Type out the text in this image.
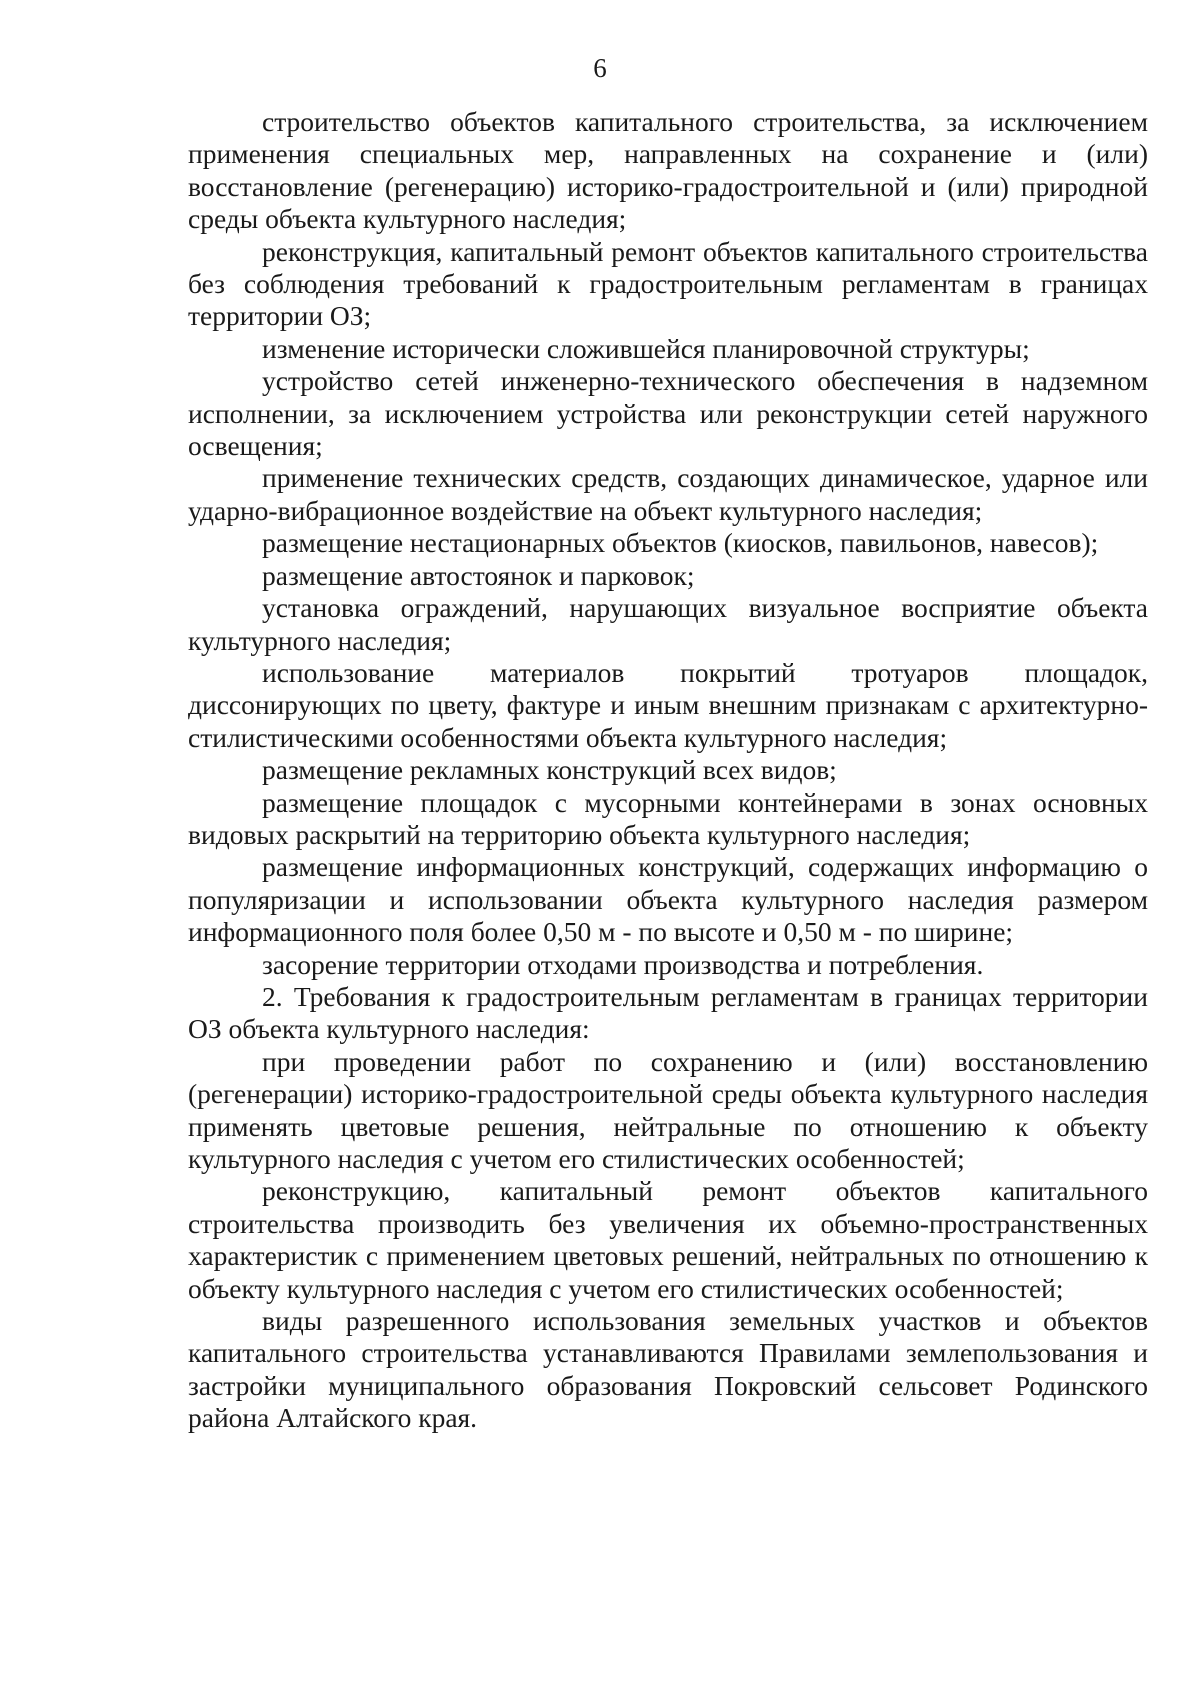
6

строительство объектов капитального строительства, за исключением применения специальных мер, направленных на сохранение и (или) восстановление (регенерацию) историко-градостроительной и (или) природной среды объекта культурного наследия;

реконструкция, капитальный ремонт объектов капитального строительства без соблюдения требований к градостроительным регламентам в границах территории ОЗ;

изменение исторически сложившейся планировочной структуры;

устройство сетей инженерно-технического обеспечения в надземном исполнении, за исключением устройства или реконструкции сетей наружного освещения;

применение технических средств, создающих динамическое, ударное или ударно-вибрационное воздействие на объект культурного наследия;

размещение нестационарных объектов (киосков, павильонов, навесов);

размещение автостоянок и парковок;

установка ограждений, нарушающих визуальное восприятие объекта культурного наследия;

использование материалов покрытий тротуаров площадок, диссонирующих по цвету, фактуре и иным внешним признакам с архитектурно-стилистическими особенностями объекта культурного наследия;

размещение рекламных конструкций всех видов;

размещение площадок с мусорными контейнерами в зонах основных видовых раскрытий на территорию объекта культурного наследия;

размещение информационных конструкций, содержащих информацию о популяризации и использовании объекта культурного наследия размером информационного поля более 0,50 м - по высоте и 0,50 м - по ширине;

засорение территории отходами производства и потребления.

2. Требования к градостроительным регламентам в границах территории ОЗ объекта культурного наследия:

при проведении работ по сохранению и (или) восстановлению (регенерации) историко-градостроительной среды объекта культурного наследия применять цветовые решения, нейтральные по отношению к объекту культурного наследия с учетом его стилистических особенностей;

реконструкцию, капитальный ремонт объектов капитального строительства производить без увеличения их объемно-пространственных характеристик с применением цветовых решений, нейтральных по отношению к объекту культурного наследия с учетом его стилистических особенностей;

виды разрешенного использования земельных участков и объектов капитального строительства устанавливаются Правилами землепользования и застройки муниципального образования Покровский сельсовет Родинского района Алтайского края.
